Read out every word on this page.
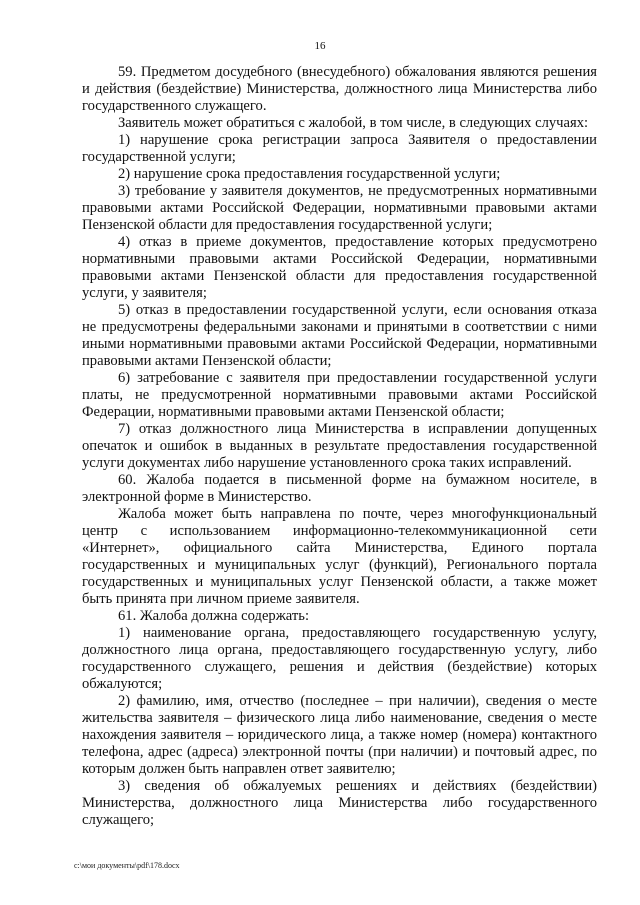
16

59. Предметом досудебного (внесудебного) обжалования являются решения и действия (бездействие) Министерства, должностного лица Министерства либо государственного служащего.

Заявитель может обратиться с жалобой, в том числе, в следующих случаях:

1) нарушение срока регистрации запроса Заявителя о предоставлении государственной услуги;

2) нарушение срока предоставления государственной услуги;

3) требование у заявителя документов, не предусмотренных нормативными правовыми актами Российской Федерации, нормативными правовыми актами Пензенской области для предоставления государственной услуги;

4) отказ в приеме документов, предоставление которых предусмотрено нормативными правовыми актами Российской Федерации, нормативными правовыми актами Пензенской области для предоставления государственной услуги, у заявителя;

5) отказ в предоставлении государственной услуги, если основания отказа не предусмотрены федеральными законами и принятыми в соответствии с ними иными нормативными правовыми актами Российской Федерации, нормативными правовыми актами Пензенской области;

6) затребование с заявителя при предоставлении государственной услуги платы, не предусмотренной нормативными правовыми актами Российской Федерации, нормативными правовыми актами Пензенской области;

7) отказ должностного лица Министерства в исправлении допущенных опечаток и ошибок в выданных в результате предоставления государственной услуги документах либо нарушение установленного срока таких исправлений.

60. Жалоба подается в письменной форме на бумажном носителе, в электронной форме в Министерство.

Жалоба может быть направлена по почте, через многофункциональный центр с использованием информационно-телекоммуникационной сети «Интернет», официального сайта Министерства, Единого портала государственных и муниципальных услуг (функций), Регионального портала государственных и муниципальных услуг Пензенской области, а также может быть принята при личном приеме заявителя.

61. Жалоба должна содержать:

1) наименование органа, предоставляющего государственную услугу, должностного лица органа, предоставляющего государственную услугу, либо государственного служащего, решения и действия (бездействие) которых обжалуются;

2) фамилию, имя, отчество (последнее – при наличии), сведения о месте жительства заявителя – физического лица либо наименование, сведения о месте нахождения заявителя – юридического лица, а также номер (номера) контактного телефона, адрес (адреса) электронной почты (при наличии) и почтовый адрес, по которым должен быть направлен ответ заявителю;

3) сведения об обжалуемых решениях и действиях (бездействии) Министерства, должностного лица Министерства либо государственного служащего;

c:\мои документы\pdf\178.docx
